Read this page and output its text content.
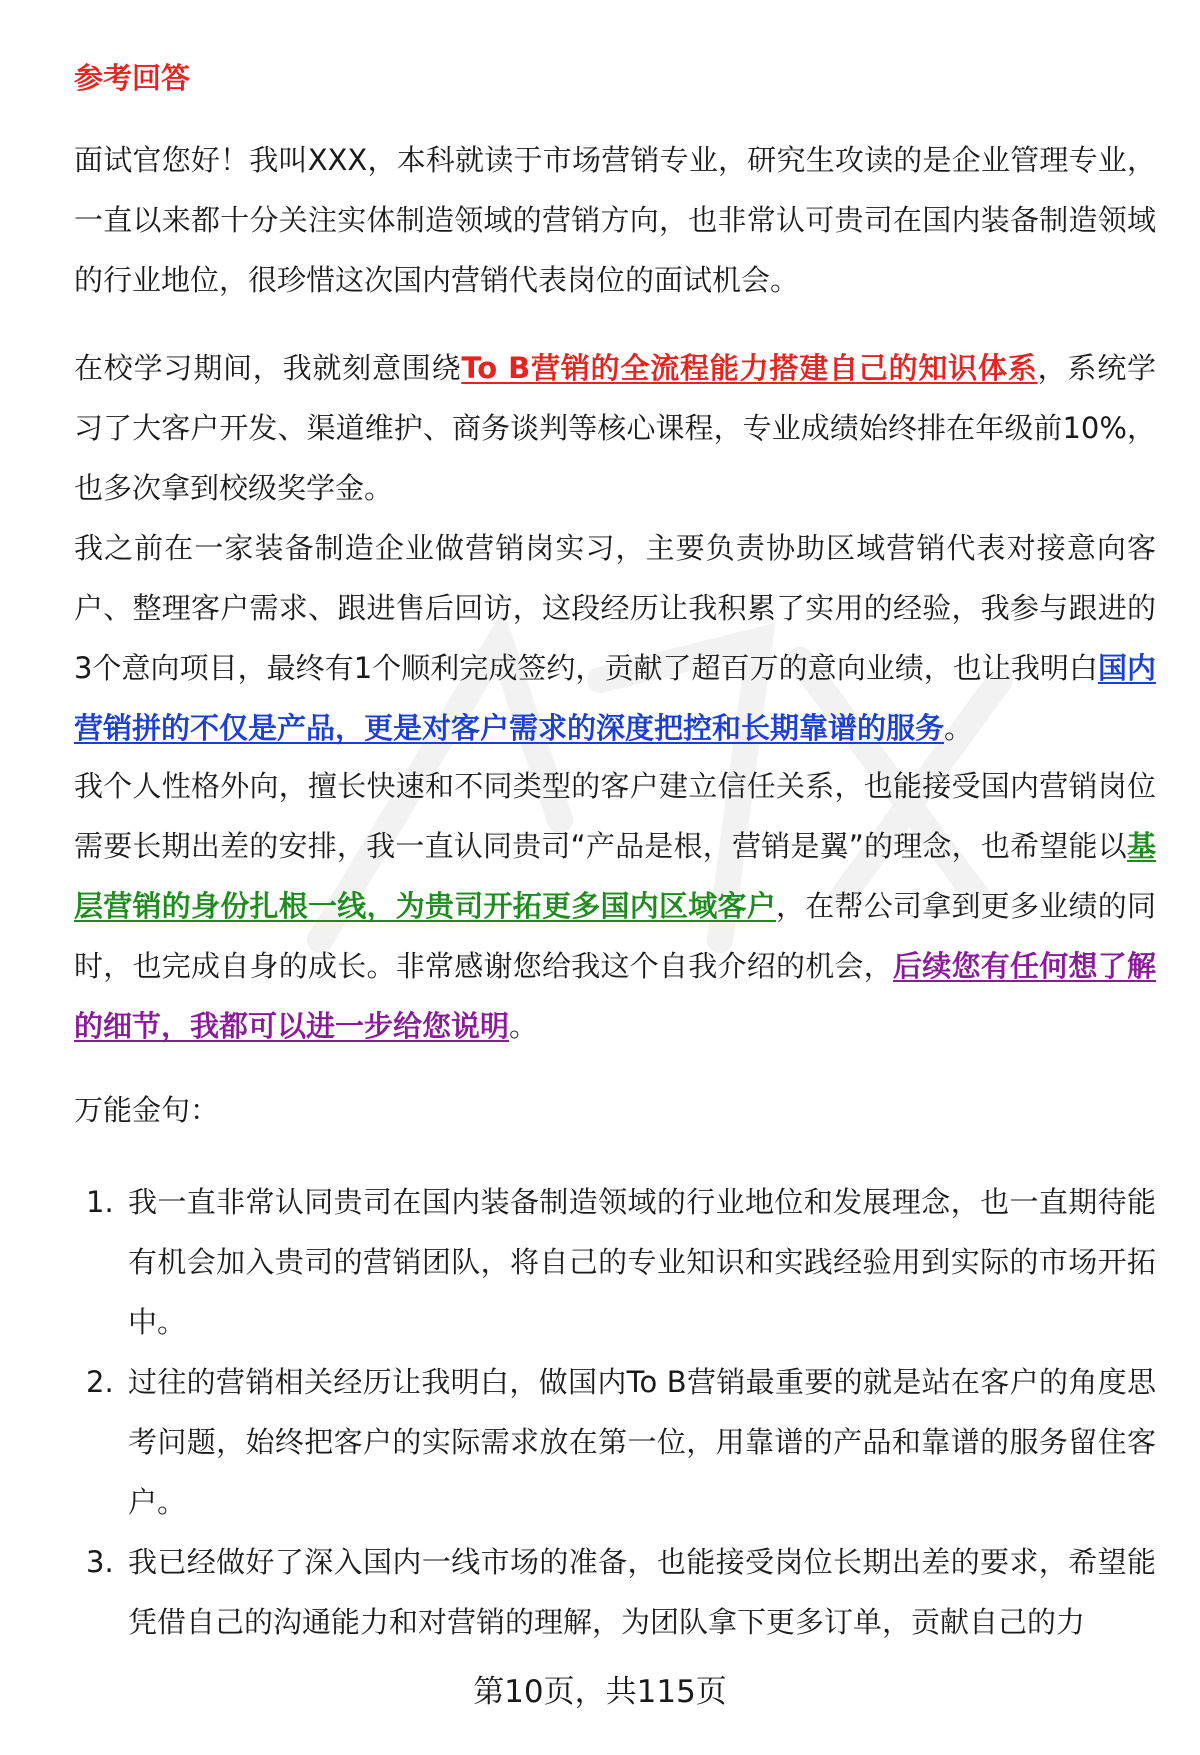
参考回答

面试官您好！我叫XXX，本科就读于市场营销专业，研究生攻读的是企业管理专业，一直以来都十分关注实体制造领域的营销方向，也非常认可贵司在国内装备制造领域的行业地位，很珍惜这次国内营销代表岗位的面试机会。

在校学习期间，我就刻意围绕To B营销的全流程能力搭建自己的知识体系，系统学习了大客户开发、渠道维护、商务谈判等核心课程，专业成绩始终排在年级前10%，也多次拿到校级奖学金。

我之前在一家装备制造企业做营销岗实习，主要负责协助区域营销代表对接意向客户、整理客户需求、跟进售后回访，这段经历让我积累了实用的经验，我参与跟进的3个意向项目，最终有1个顺利完成签约，贡献了超百万的意向业绩，也让我明白国内营销拼的不仅是产品，更是对客户需求的深度把控和长期靠谱的服务。

我个人性格外向，擅长快速和不同类型的客户建立信任关系，也能接受国内营销岗位需要长期出差的安排，我一直认同贵司“产品是根，营销是翼”的理念，也希望能以基层营销的身份扎根一线，为贵司开拓更多国内区域客户，在帮公司拿到更多业绩的同时，也完成自身的成长。非常感谢您给我这个自我介绍的机会，后续您有任何想了解的细节，我都可以进一步给您说明。

万能金句：
1. 我一直非常认同贵司在国内装备制造领域的行业地位和发展理念，也一直期待能有机会加入贵司的营销团队，将自己的专业知识和实践经验用到实际的市场开拓中。
2. 过往的营销相关经历让我明白，做国内To B营销最重要的就是站在客户的角度思考问题，始终把客户的实际需求放在第一位，用靠谱的产品和靠谱的服务留住客户。
3. 我已经做好了深入国内一线市场的准备，也能接受岗位长期出差的要求，希望能凭借自己的沟通能力和对营销的理解，为团队拿下更多订单，贡献自己的力
第10页，共115页
